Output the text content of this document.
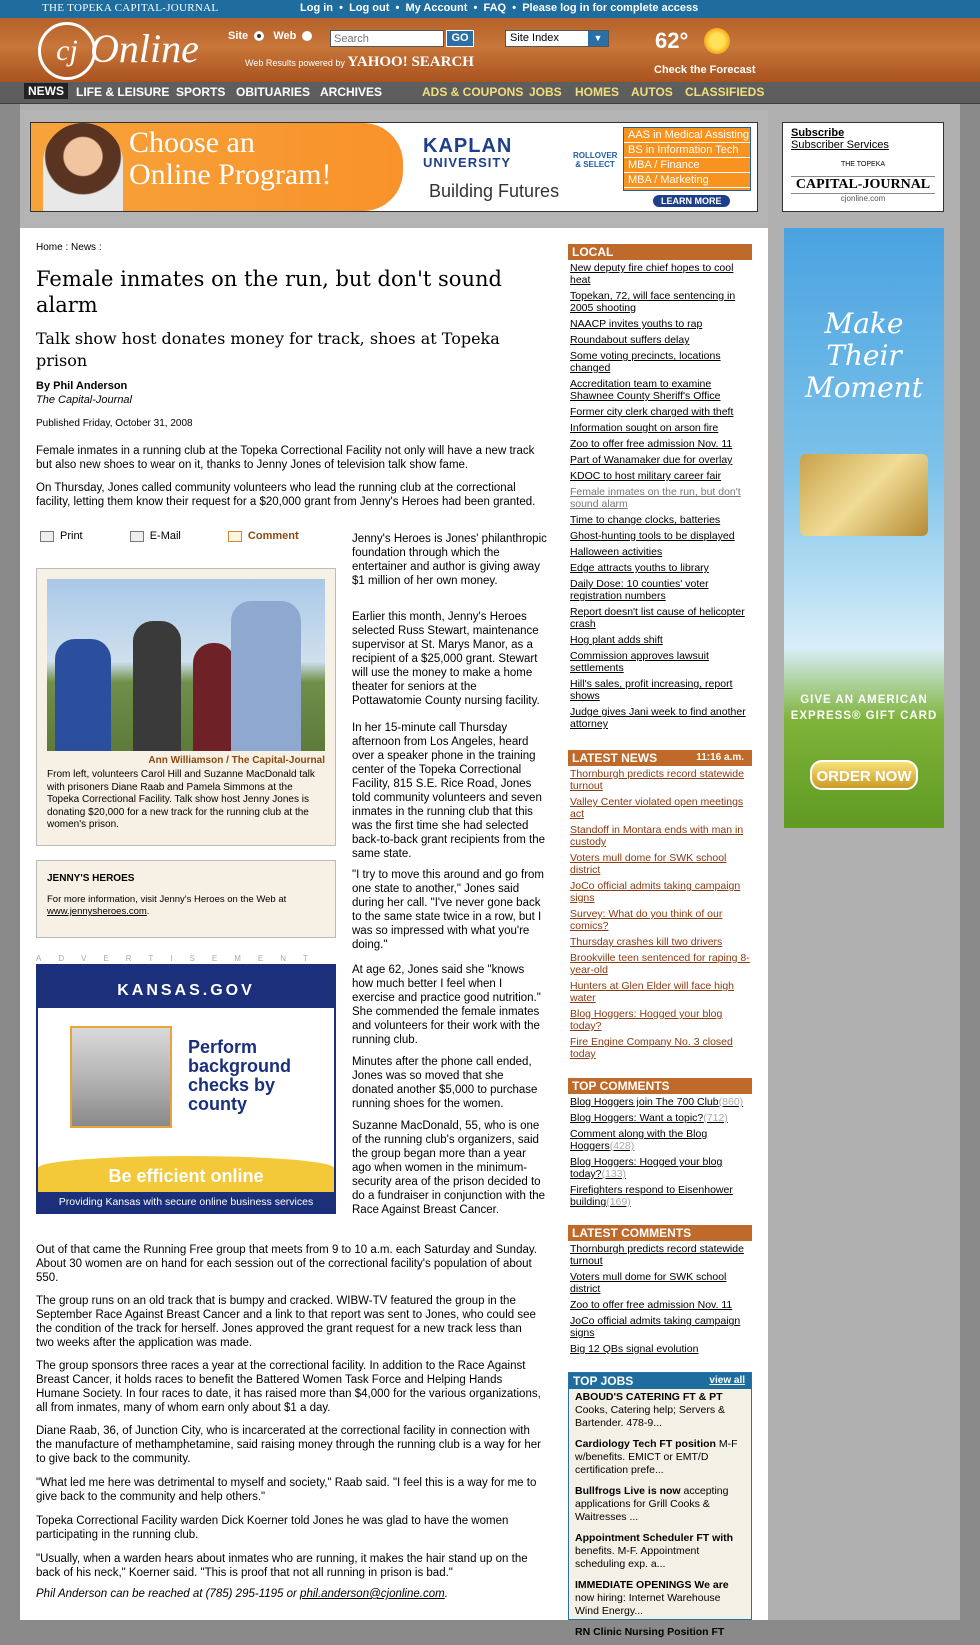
THE TOPEKA CAPITAL-JOURNAL	Log in  •  Log out  •  My Account  •  FAQ  •  Please log in for complete access
cj Online	Site Web
Search	GO
Web Results powered by YAHOO! SEARCH
Site Index	▼ 62°
Check the Forecast
NEWS	LIFE & LEISURE SPORTS OBITUARIES ARCHIVES	ADS & COUPONS JOBS HOMES AUTOS CLASSIFIEDS
Choose an
Online Program!
KAPLAN
UNIVERSITY
Building Futures
ROLLOVER & SELECT
AAS in Medical Assisting
BS in Information Tech
MBA / Finance
MBA / Marketing
LEARN MORE
Subscribe
Subscriber Services
THE TOPEKA
CAPITAL-JOURNAL
cjonline.com
Home : News :
Female inmates on the run, but don't sound alarm
Talk show host donates money for track, shoes at Topeka prison
By Phil Anderson
The Capital-Journal
Published Friday, October 31, 2008
Female inmates in a running club at the Topeka Correctional Facility not only will have a new track but also new shoes to wear on it, thanks to Jenny Jones of television talk show fame.
On Thursday, Jones called community volunteers who lead the running club at the correctional facility, letting them know their request for a $20,000 grant from Jenny's Heroes had been granted.
Print	E-Mail	Comment
Ann Williamson / The Capital-Journal
From left, volunteers Carol Hill and Suzanne MacDonald talk with prisoners Diane Raab and Pamela Simmons at the Topeka Correctional Facility. Talk show host Jenny Jones is donating $20,000 for a new track for the running club at the women's prison.
JENNY'S HEROES
For more information, visit Jenny's Heroes on the Web at www.jennysheroes.com.
ADVERTISEMENT
KANSAS.GOV
Perform background checks by county
Be efficient online
Providing Kansas with secure online business services
Jenny's Heroes is Jones' philanthropic foundation through which the entertainer and author is giving away $1 million of her own money.
Earlier this month, Jenny's Heroes selected Russ Stewart, maintenance supervisor at St. Marys Manor, as a recipient of a $25,000 grant. Stewart will use the money to make a home theater for seniors at the Pottawatomie County nursing facility.
In her 15-minute call Thursday afternoon from Los Angeles, heard over a speaker phone in the training center of the Topeka Correctional Facility, 815 S.E. Rice Road, Jones told community volunteers and seven inmates in the running club that this was the first time she had selected back-to-back grant recipients from the same state.
"I try to move this around and go from one state to another," Jones said during her call. "I've never gone back to the same state twice in a row, but I was so impressed with what you're doing."
At age 62, Jones said she "knows how much better I feel when I exercise and practice good nutrition." She commended the female inmates and volunteers for their work with the running club.
Minutes after the phone call ended, Jones was so moved that she donated another $5,000 to purchase running shoes for the women.
Suzanne MacDonald, 55, who is one of the running club's organizers, said the group began more than a year ago when women in the minimum-security area of the prison decided to do a fundraiser in conjunction with the Race Against Breast Cancer.
Out of that came the Running Free group that meets from 9 to 10 a.m. each Saturday and Sunday. About 30 women are on hand for each session out of the correctional facility's population of about 550.
The group runs on an old track that is bumpy and cracked. WIBW-TV featured the group in the September Race Against Breast Cancer and a link to that report was sent to Jones, who could see the condition of the track for herself. Jones approved the grant request for a new track less than two weeks after the application was made.
The group sponsors three races a year at the correctional facility. In addition to the Race Against Breast Cancer, it holds races to benefit the Battered Women Task Force and Helping Hands Humane Society. In four races to date, it has raised more than $4,000 for the various organizations, all from inmates, many of whom earn only about $1 a day.
Diane Raab, 36, of Junction City, who is incarcerated at the correctional facility in connection with the manufacture of methamphetamine, said raising money through the running club is a way for her to give back to the community.
"What led me here was detrimental to myself and society," Raab said. "I feel this is a way for me to give back to the community and help others."
Topeka Correctional Facility warden Dick Koerner told Jones he was glad to have the women participating in the running club.
"Usually, when a warden hears about inmates who are running, it makes the hair stand up on the back of his neck," Koerner said. "This is proof that not all running in prison is bad."
Phil Anderson can be reached at (785) 295-1195 or phil.anderson@cjonline.com.
LOCAL
New deputy fire chief hopes to cool heat
Topekan, 72, will face sentencing in 2005 shooting
NAACP invites youths to rap
Roundabout suffers delay
Some voting precincts, locations changed
Accreditation team to examine Shawnee County Sheriff's Office
Former city clerk charged with theft
Information sought on arson fire
Zoo to offer free admission Nov. 11
Part of Wanamaker due for overlay
KDOC to host military career fair
Female inmates on the run, but don't sound alarm
Time to change clocks, batteries
Ghost-hunting tools to be displayed
Halloween activities
Edge attracts youths to library
Daily Dose: 10 counties' voter registration numbers
Report doesn't list cause of helicopter crash
Hog plant adds shift
Commission approves lawsuit settlements
Hill's sales, profit increasing, report shows
Judge gives Jani week to find another attorney
LATEST NEWS	11:16 a.m.
Thornburgh predicts record statewide turnout
Valley Center violated open meetings act
Standoff in Montara ends with man in custody
Voters mull dome for SWK school district
JoCo official admits taking campaign signs
Survey: What do you think of our comics?
Thursday crashes kill two drivers
Brookville teen sentenced for raping 8-year-old
Hunters at Glen Elder will face high water
Blog Hoggers: Hogged your blog today?
Fire Engine Company No. 3 closed today
TOP COMMENTS
Blog Hoggers join The 700 Club(860)
Blog Hoggers: Want a topic?(712)
Comment along with the Blog Hoggers(428)
Blog Hoggers: Hogged your blog today?(133)
Firefighters respond to Eisenhower building(169)
LATEST COMMENTS
Thornburgh predicts record statewide turnout
Voters mull dome for SWK school district
Zoo to offer free admission Nov. 11
JoCo official admits taking campaign signs
Big 12 QBs signal evolution
TOP JOBS	view all
ABOUD'S CATERING FT & PT Cooks, Catering help; Servers & Bartender. 478-9...
Cardiology Tech FT position M-F w/benefits. EMICT or EMT/D certification prefe...
Bullfrogs Live is now accepting applications for Grill Cooks & Waitresses ...
Appointment Scheduler FT with benefits. M-F. Appointment scheduling exp. a...
IMMEDIATE OPENINGS We are now hiring: Internet Warehouse Wind Energy...
RN Clinic Nursing Position FT
Make Their Moment
GIVE AN AMERICAN EXPRESS® GIFT CARD
ORDER NOW
